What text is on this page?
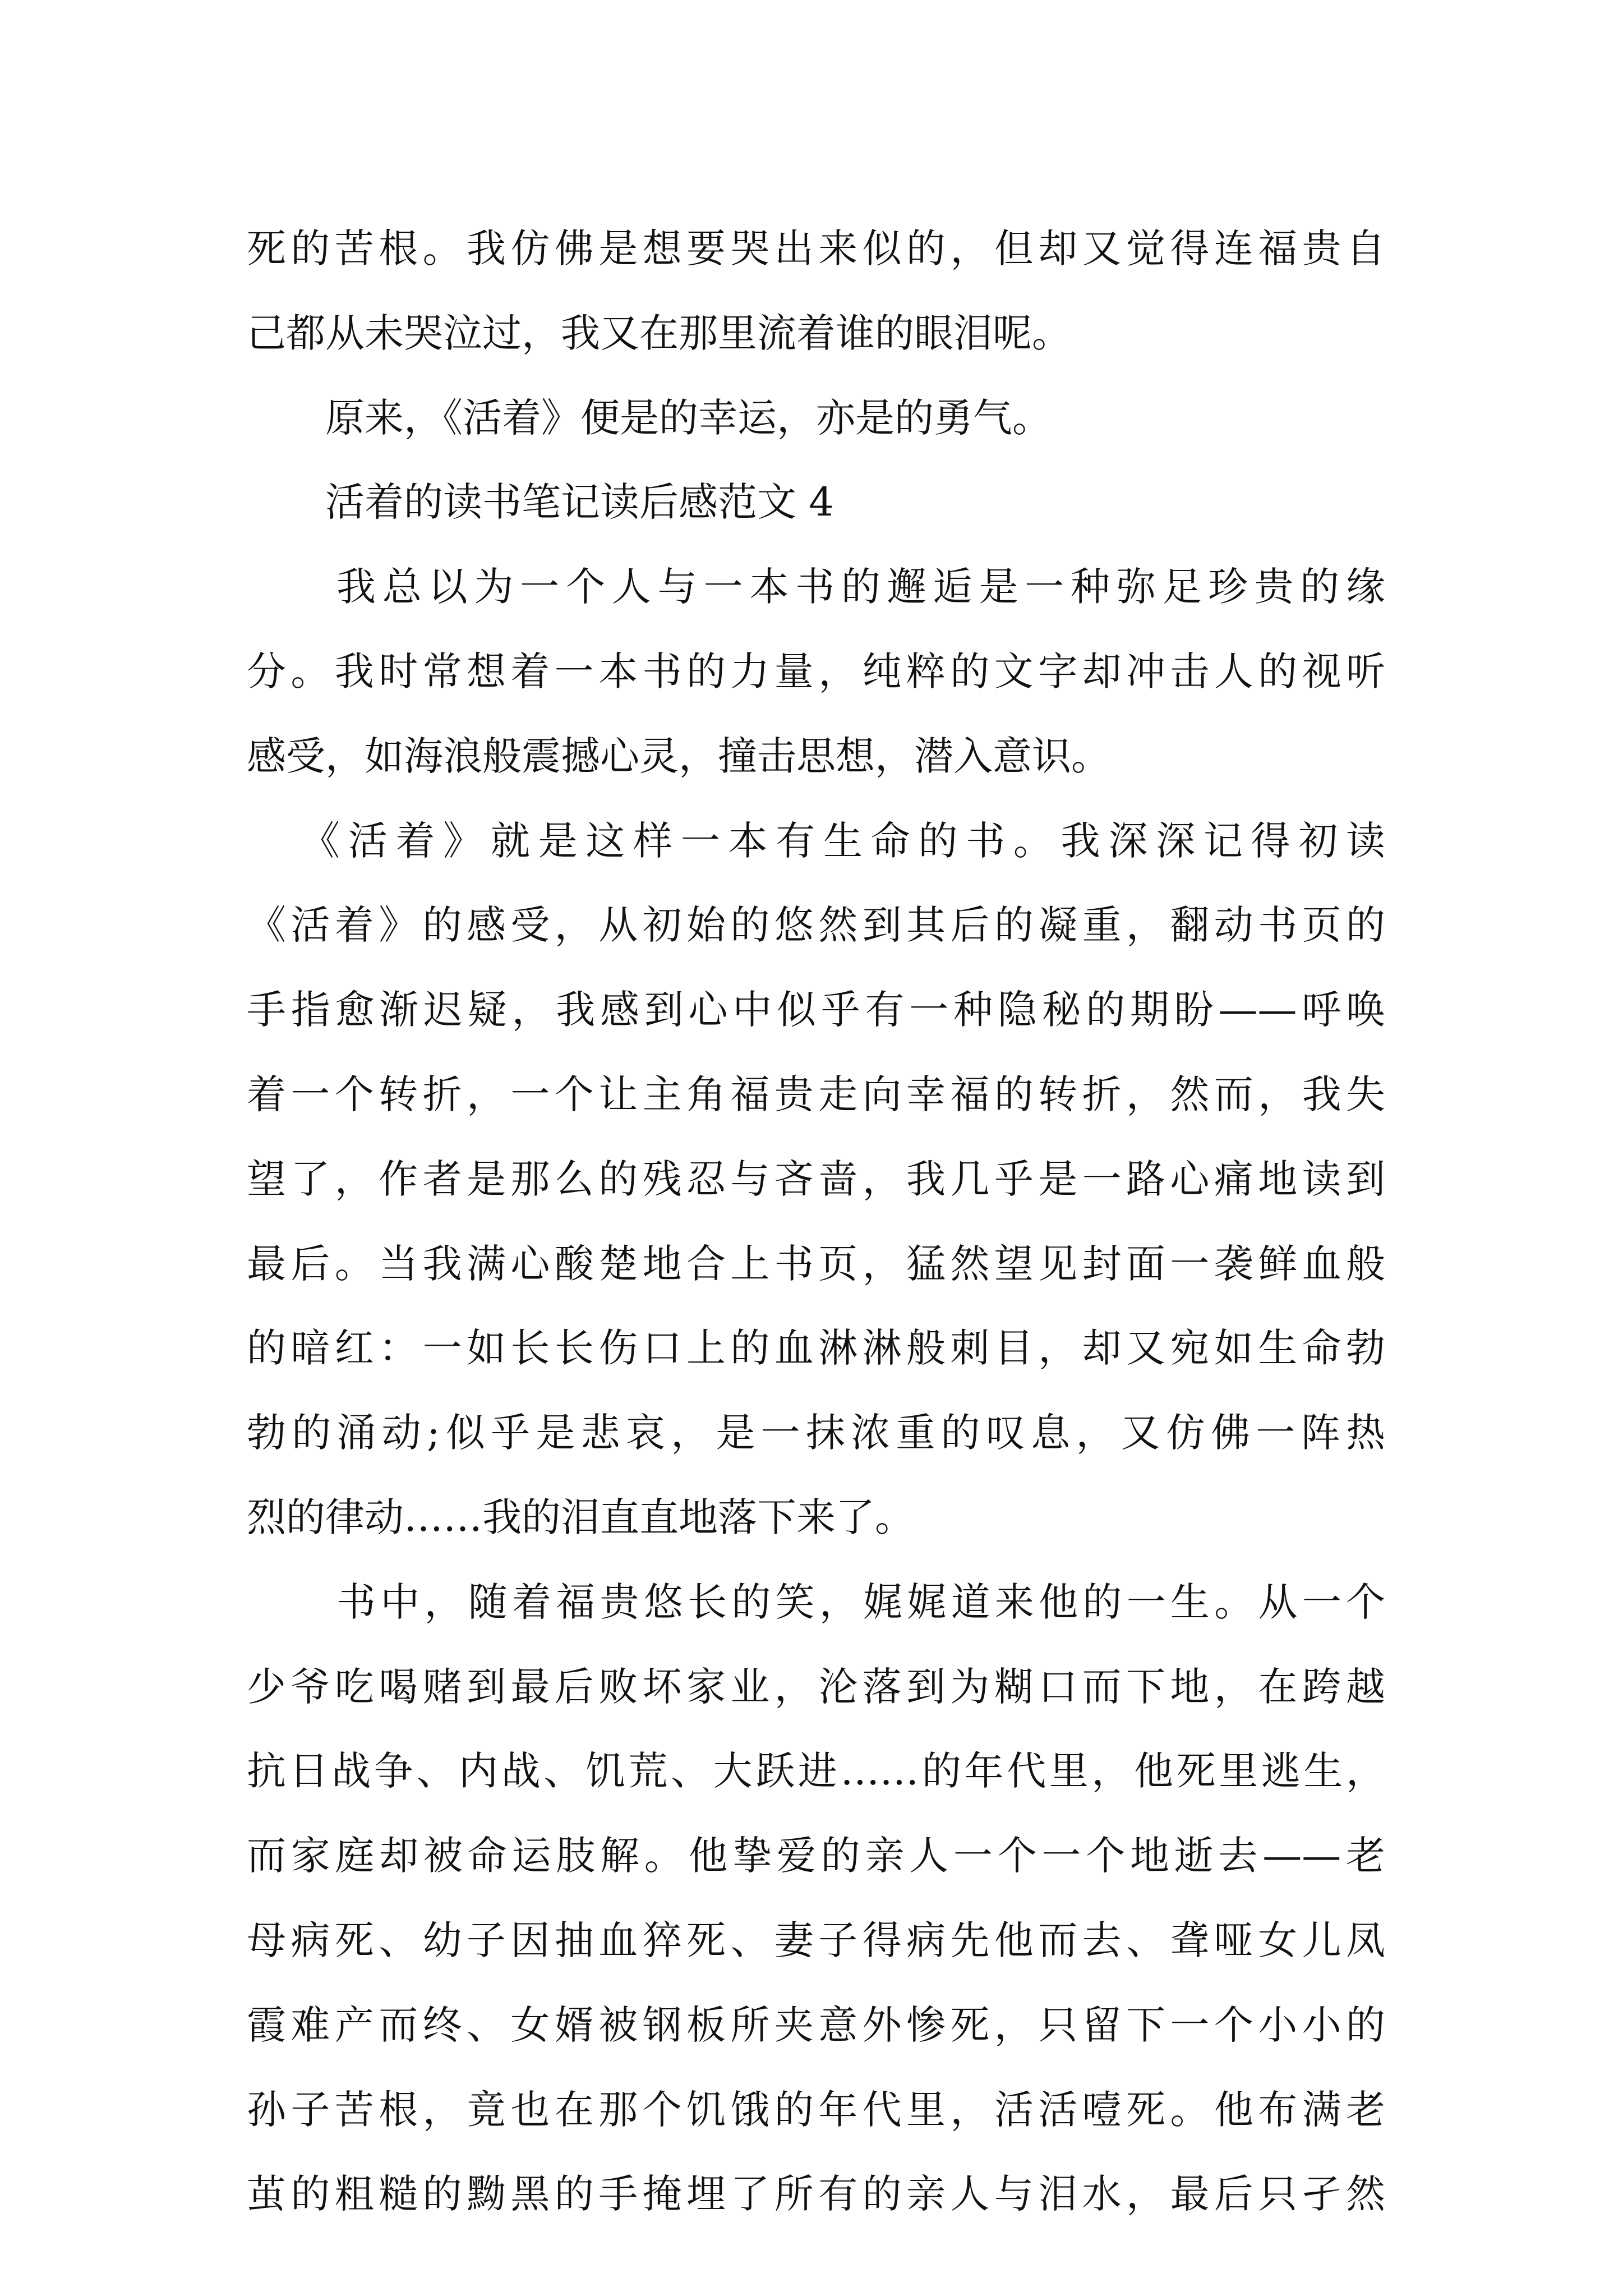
死的苦根。我仿佛是想要哭出来似的，但却又觉得连福贵自
己都从未哭泣过，我又在那里流着谁的眼泪呢。
原来，《活着》便是的幸运，亦是的勇气。
活着的读书笔记读后感范文 4
我总以为一个人与一本书的邂逅是一种弥足珍贵的缘
分。我时常想着一本书的力量，纯粹的文字却冲击人的视听
感受，如海浪般震撼心灵，撞击思想，潜入意识。
《活着》就是这样一本有生命的书。我深深记得初读
《活着》的感受，从初始的悠然到其后的凝重，翻动书页的
手指愈渐迟疑，我感到心中似乎有一种隐秘的期盼——呼唤
着一个转折，一个让主角福贵走向幸福的转折，然而，我失
望了，作者是那么的残忍与吝啬，我几乎是一路心痛地读到
最后。当我满心酸楚地合上书页，猛然望见封面一袭鲜血般
的暗红：一如长长伤口上的血淋淋般刺目，却又宛如生命勃
勃的涌动;似乎是悲哀，是一抹浓重的叹息，又仿佛一阵热
烈的律动……我的泪直直地落下来了。
书中，随着福贵悠长的笑，娓娓道来他的一生。从一个
少爷吃喝赌到最后败坏家业，沦落到为糊口而下地，在跨越
抗日战争、内战、饥荒、大跃进……的年代里，他死里逃生，
而家庭却被命运肢解。他挚爱的亲人一个一个地逝去——老
母病死、幼子因抽血猝死、妻子得病先他而去、聋哑女儿凤
霞难产而终、女婿被钢板所夹意外惨死，只留下一个小小的
孙子苦根，竟也在那个饥饿的年代里，活活噎死。他布满老
茧的粗糙的黝黑的手掩埋了所有的亲人与泪水，最后只孑然
